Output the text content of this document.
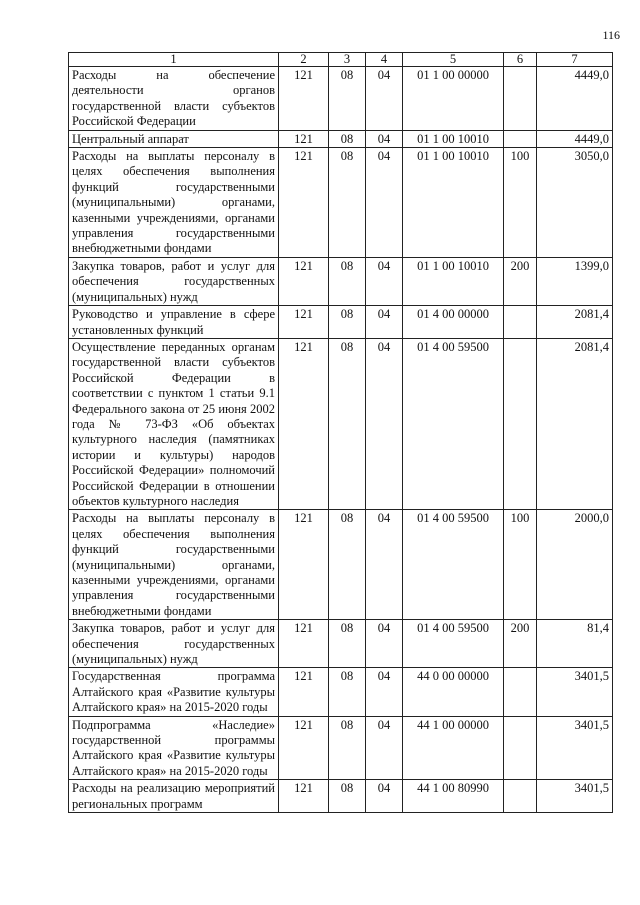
116
1	2	3	4	5	6	7
Расходы на обеспечение деятельности органов государственной власти субъектов Российской Федерации	121	08	04	01 1 00 00000		4449,0
Центральный аппарат	121	08	04	01 1 00 10010		4449,0
Расходы на выплаты персоналу в целях обеспечения выполнения функций государственными (муниципальными) органами, казенными учреждениями, органами управления государственными внебюджетными фондами	121	08	04	01 1 00 10010	100	3050,0
Закупка товаров, работ и услуг для обеспечения государственных (муниципальных) нужд	121	08	04	01 1 00 10010	200	1399,0
Руководство и управление в сфере установленных функций	121	08	04	01 4 00 00000		2081,4
Осуществление переданных органам государственной власти субъектов Российской Федерации в соответствии с пунктом 1 статьи 9.1 Федерального закона от 25 июня 2002 года № 73-ФЗ «Об объектах культурного наследия (памятниках истории и культуры) народов Российской Федерации» полномочий Российской Федерации в отношении объектов культурного наследия	121	08	04	01 4 00 59500		2081,4
Расходы на выплаты персоналу в целях обеспечения выполнения функций государственными (муниципальными) органами, казенными учреждениями, органами управления государственными внебюджетными фондами	121	08	04	01 4 00 59500	100	2000,0
Закупка товаров, работ и услуг для обеспечения государственных (муниципальных) нужд	121	08	04	01 4 00 59500	200	81,4
Государственная программа Алтайского края «Развитие культуры Алтайского края» на 2015-2020 годы	121	08	04	44 0 00 00000		3401,5
Подпрограмма «Наследие» государственной программы Алтайского края «Развитие культуры Алтайского края» на 2015-2020 годы	121	08	04	44 1 00 00000		3401,5
Расходы на реализацию мероприятий региональных программ	121	08	04	44 1 00 80990		3401,5
